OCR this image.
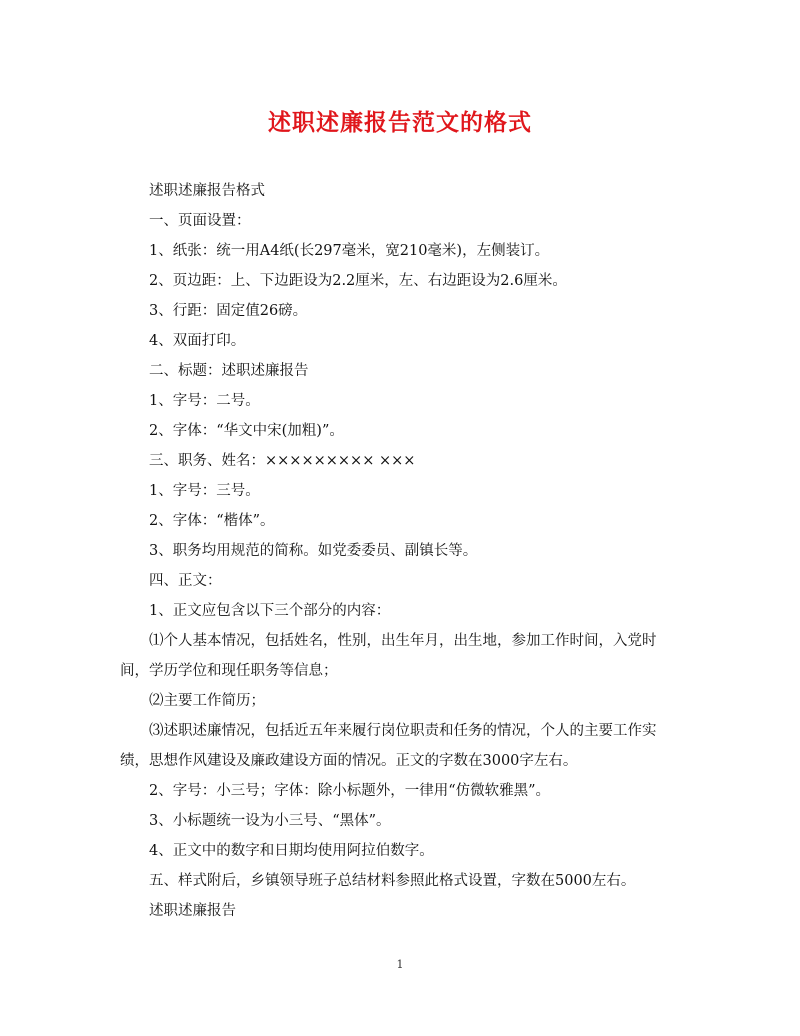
述职述廉报告范文的格式

述职述廉报告格式

一、页面设置：

1、纸张：统一用A4纸(长297毫米，宽210毫米)，左侧装订。

2、页边距：上、下边距设为2.2厘米，左、右边距设为2.6厘米。

3、行距：固定值26磅。

4、双面打印。

二、标题：述职述廉报告

1、字号：二号。

2、字体：“华文中宋(加粗)”。

三、职务、姓名：××××××××× ×××

1、字号：三号。

2、字体：“楷体”。

3、职务均用规范的简称。如党委委员、副镇长等。

四、正文：

1、正文应包含以下三个部分的内容：

⑴个人基本情况，包括姓名，性别，出生年月，出生地，参加工作时间，入党时间，学历学位和现任职务等信息；

⑵主要工作简历；

⑶述职述廉情况，包括近五年来履行岗位职责和任务的情况，个人的主要工作实绩，思想作风建设及廉政建设方面的情况。正文的字数在3000字左右。

2、字号：小三号；字体：除小标题外，一律用“仿微软雅黑”。

3、小标题统一设为小三号、“黑体”。

4、正文中的数字和日期均使用阿拉伯数字。

五、样式附后，乡镇领导班子总结材料参照此格式设置，字数在5000左右。

述职述廉报告

1
